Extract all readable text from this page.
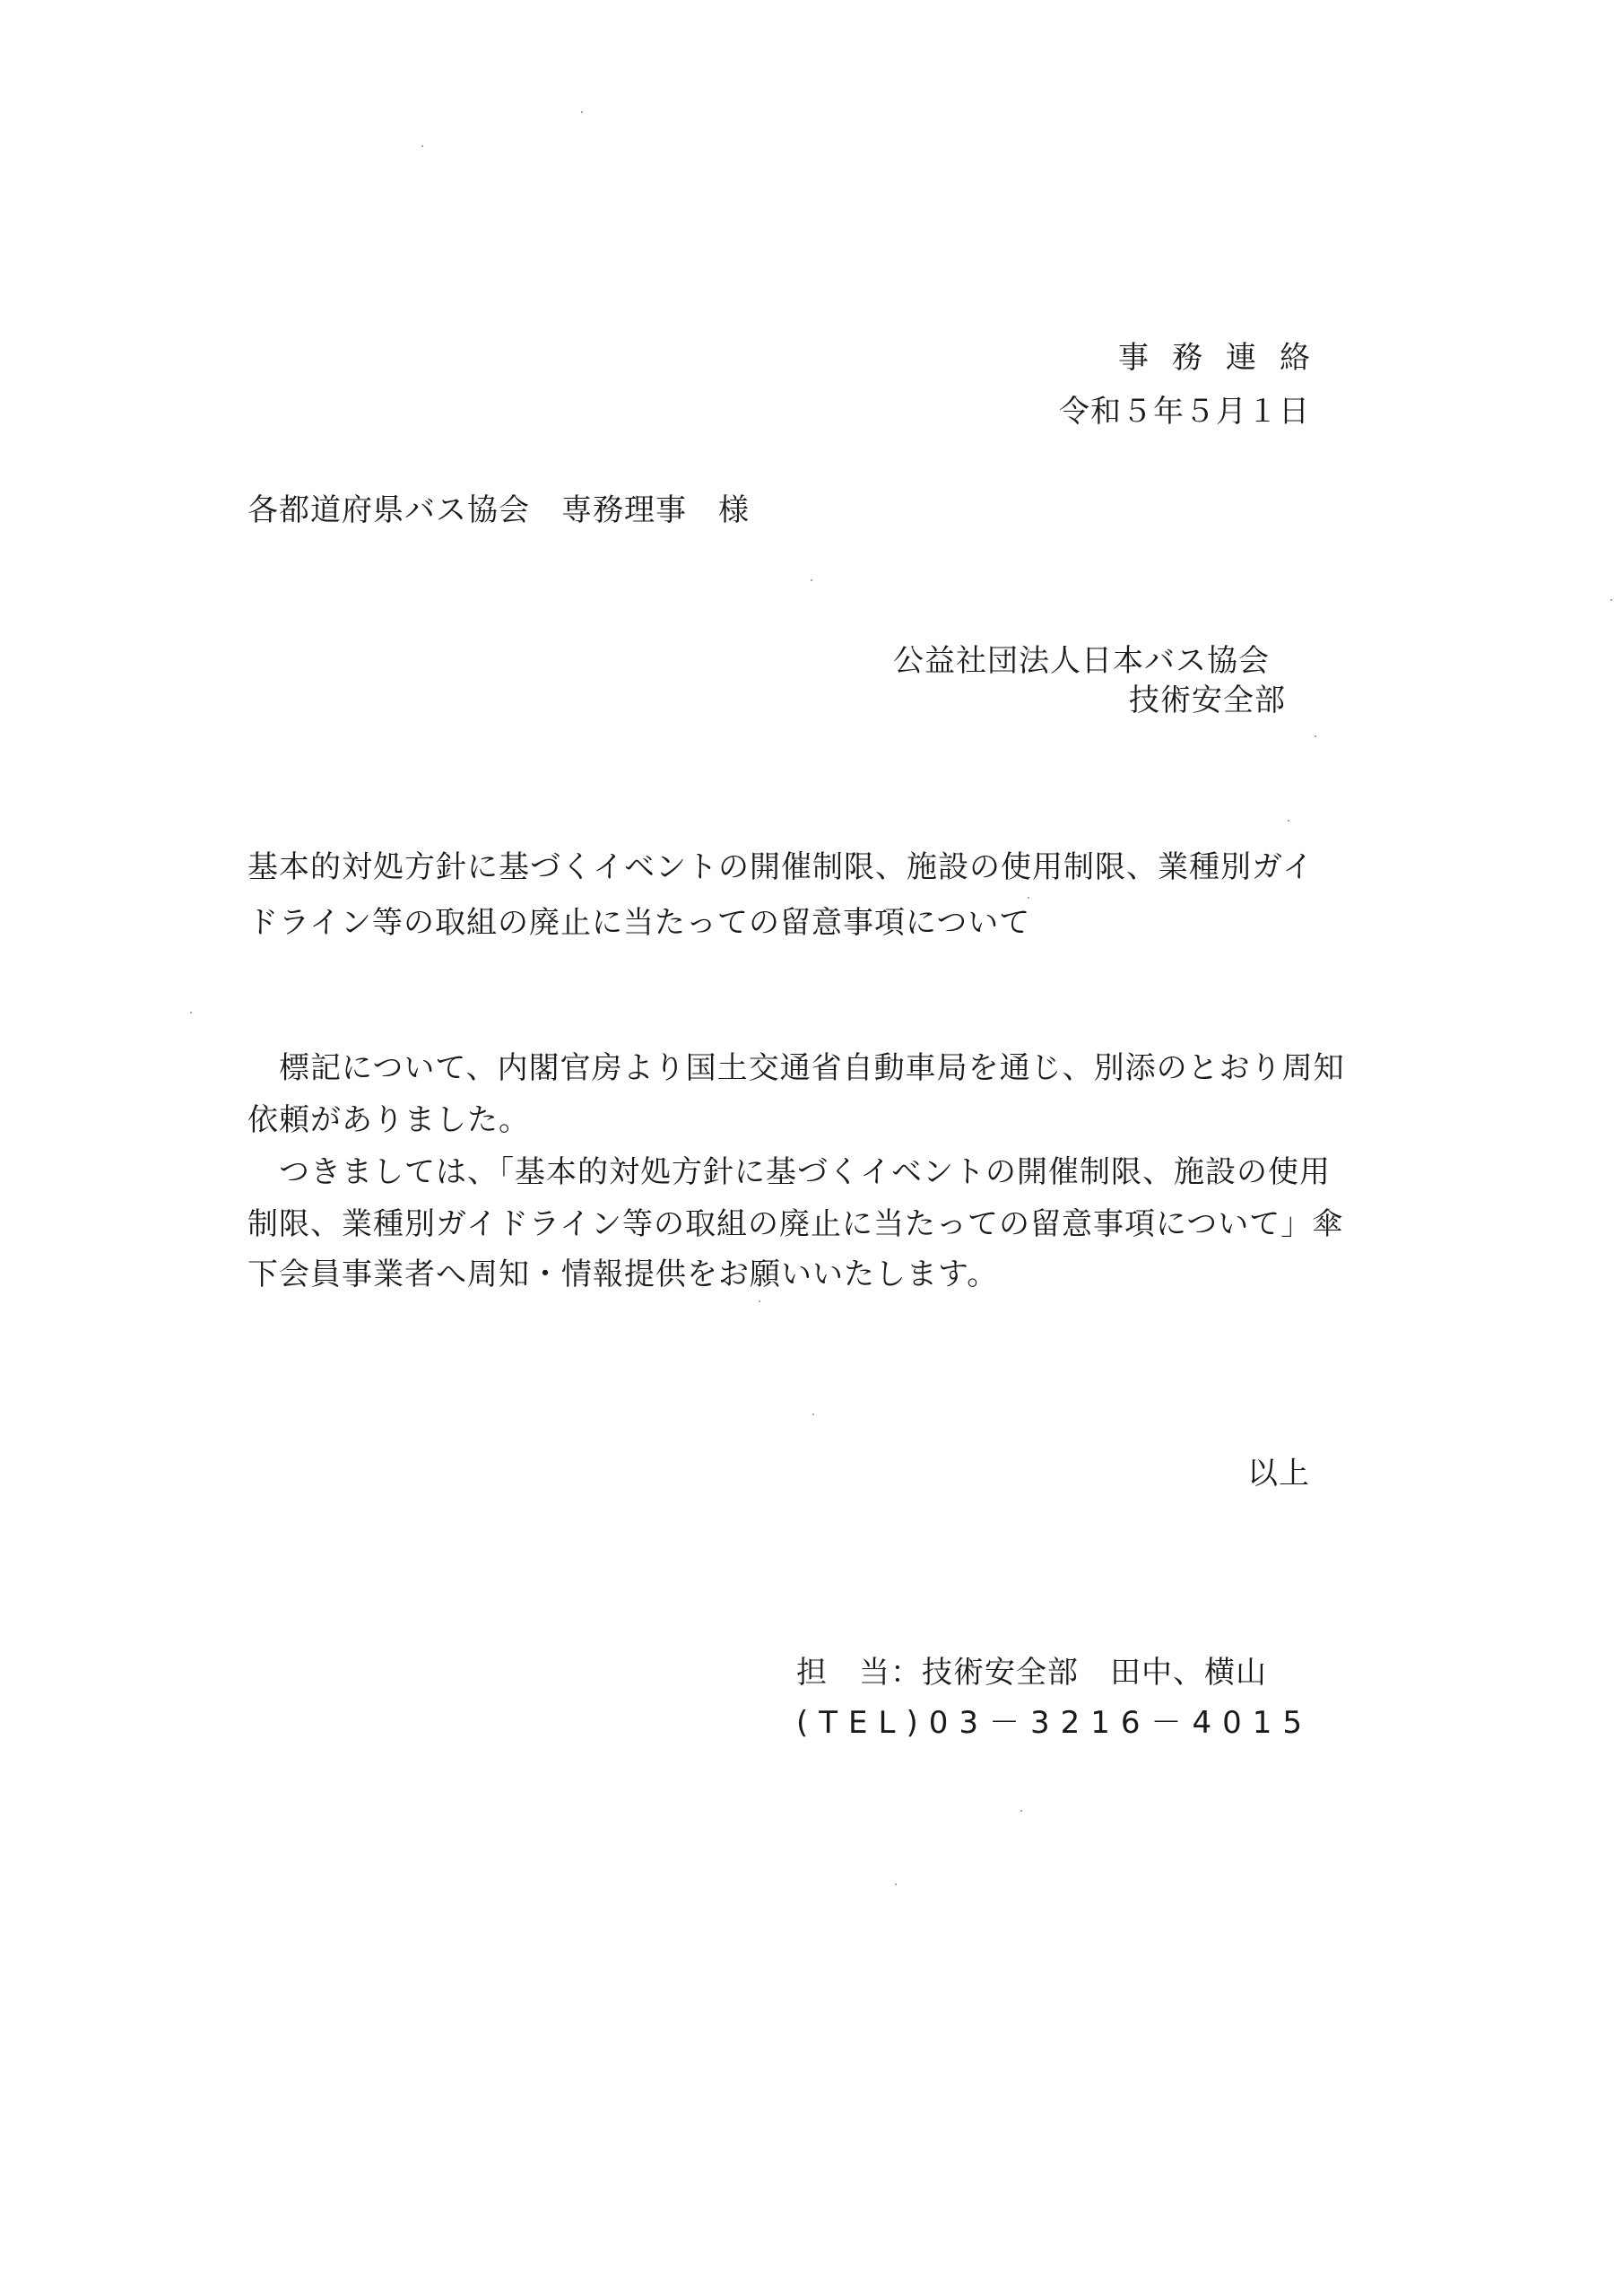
事務連絡
令和５年５月１日
各都道府県バス協会　専務理事　様
公益社団法人日本バス協会
技術安全部
基本的対処方針に基づくイベントの開催制限、施設の使用制限、業種別ガイ
ドライン等の取組の廃止に当たっての留意事項について
　標記について、内閣官房より国土交通省自動車局を通じ、別添のとおり周知
依頼がありました。
　つきましては、「基本的対処方針に基づくイベントの開催制限、施設の使用
制限、業種別ガイドライン等の取組の廃止に当たっての留意事項について」傘
下会員事業者へ周知・情報提供をお願いいたします。
以上
担　当：技術安全部　田中、横山
(TEL)03－3216－4015
